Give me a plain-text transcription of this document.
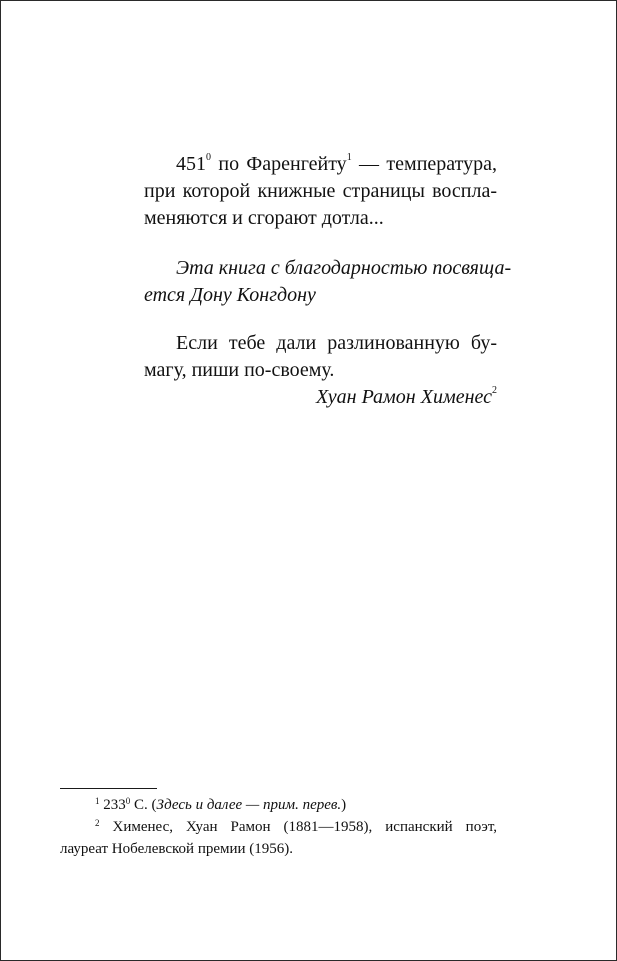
$451^0$ по Фаренгейту$^1$ — температура,
при которой книжные страницы воспла-
меняются и сгорают дотла...
Эта книга с благодарностью посвяща-
ется Дону Конгдону
Если тебе дали разлинованную бу-
магу, пиши по-своему.
Хуан Рамон Хименес$^2$
$^1$ 233$^0$ С. (Здесь и далее — прим. перев.)
$^2$ Хименес, Хуан Рамон (1881—1958), испанский поэт,
лауреат Нобелевской премии (1956).
